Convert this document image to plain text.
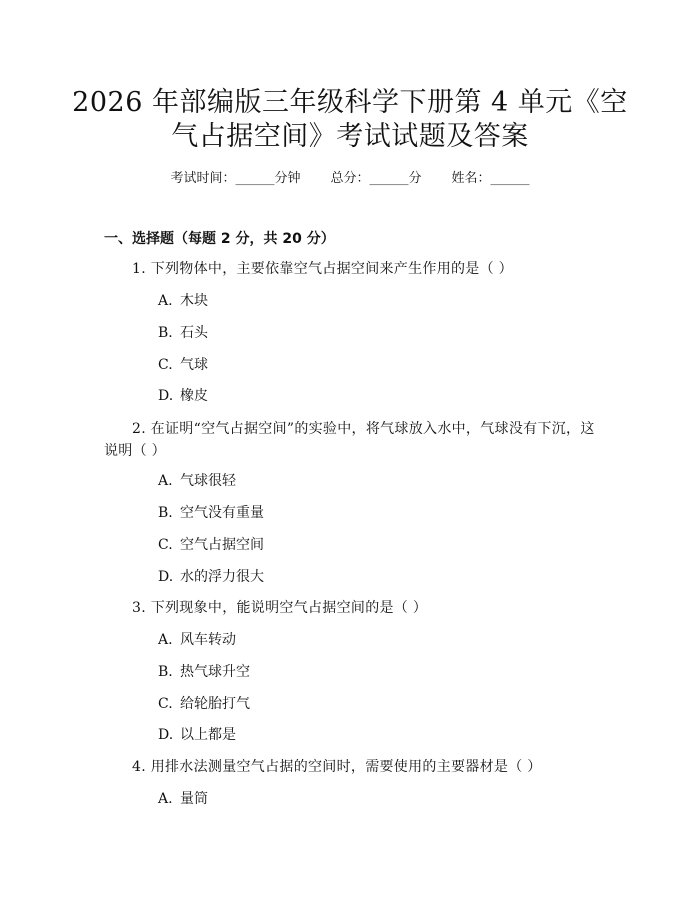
2026 年部编版三年级科学下册第 4 单元《空
气占据空间》考试试题及答案
考试时间：______分钟 总分：______分 姓名：______
一、选择题（每题 2 分，共 20 分）
1. 下列物体中，主要依靠空气占据空间来产生作用的是（ ）
A. 木块
B. 石头
C. 气球
D. 橡皮
2. 在证明“空气占据空间”的实验中，将气球放入水中，气球没有下沉，这说明（ ）
A. 气球很轻
B. 空气没有重量
C. 空气占据空间
D. 水的浮力很大
3. 下列现象中，能说明空气占据空间的是（ ）
A. 风车转动
B. 热气球升空
C. 给轮胎打气
D. 以上都是
4. 用排水法测量空气占据的空间时，需要使用的主要器材是（ ）
A. 量筒
